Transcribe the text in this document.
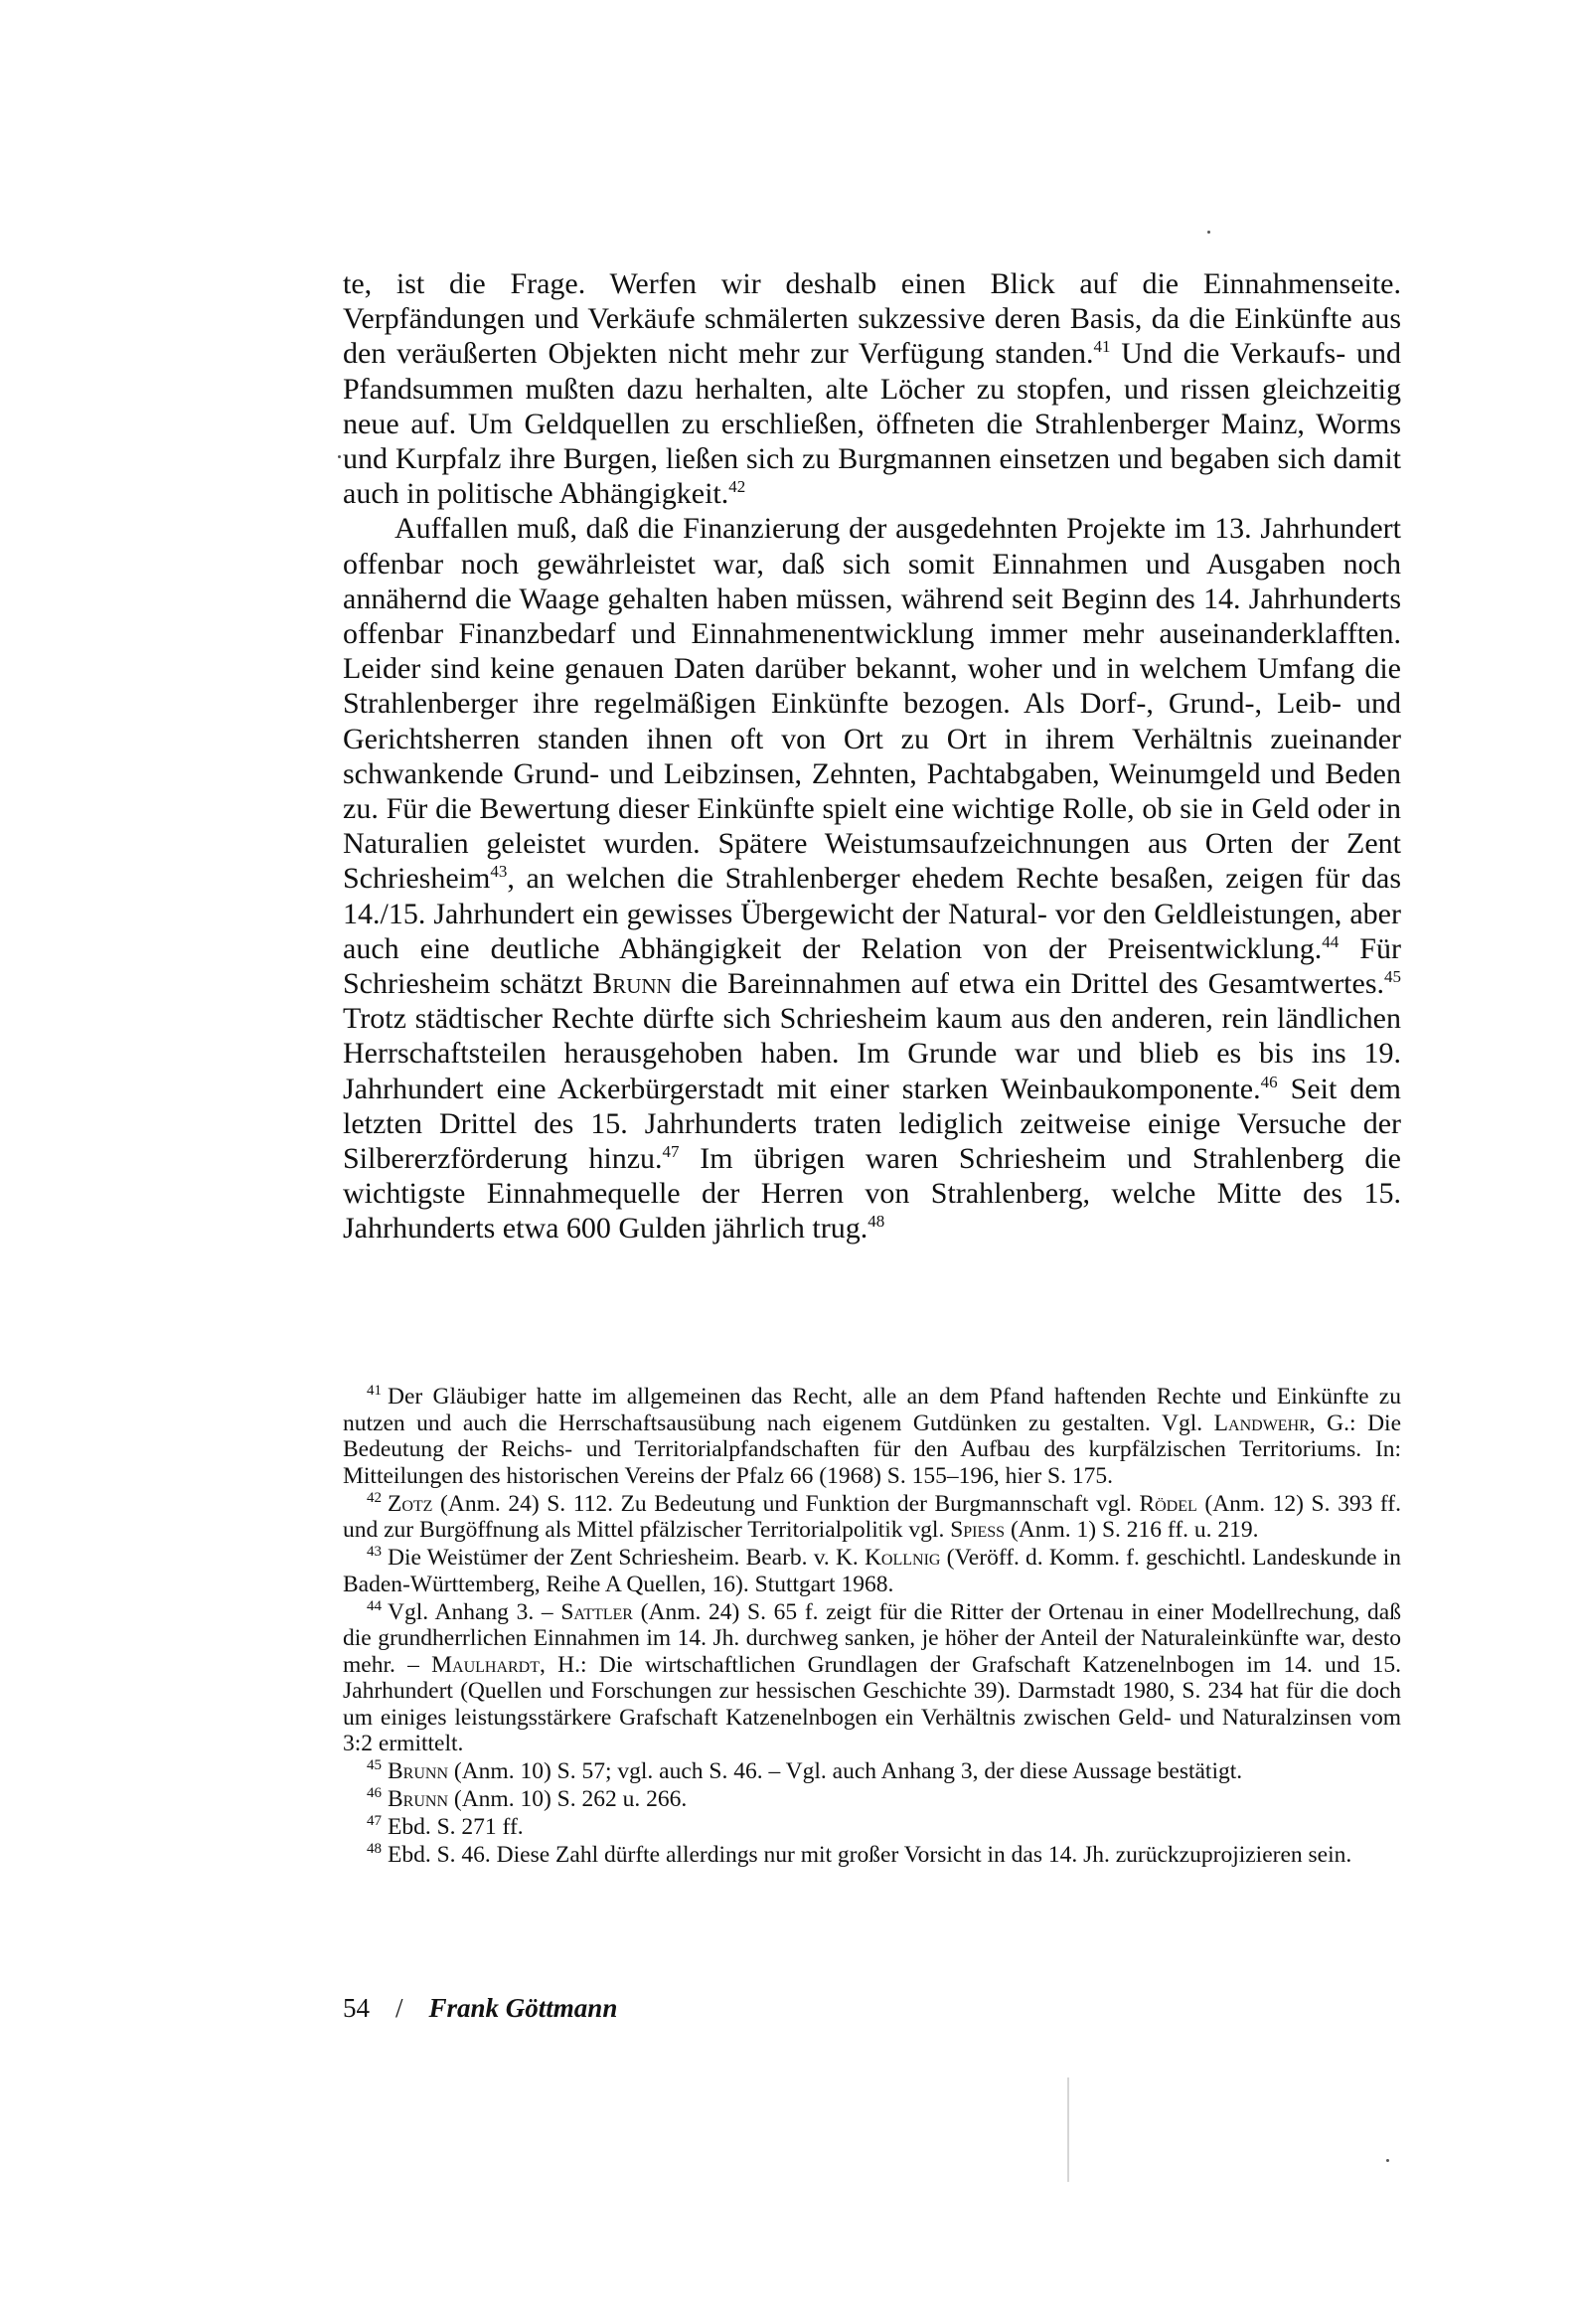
te, ist die Frage. Werfen wir deshalb einen Blick auf die Einnahmenseite. Verpfändungen und Verkäufe schmälerten sukzessive deren Basis, da die Einkünfte aus den veräußerten Objekten nicht mehr zur Verfügung standen.$^{41}$ Und die Verkaufs- und Pfandsummen mußten dazu herhalten, alte Löcher zu stopfen, und rissen gleichzeitig neue auf. Um Geldquellen zu erschließen, öffneten die Strahlenberger Mainz, Worms und Kurpfalz ihre Burgen, ließen sich zu Burgmannen einsetzen und begaben sich damit auch in politische Abhängigkeit.$^{42}$

Auffallen muß, daß die Finanzierung der ausgedehnten Projekte im 13. Jahrhundert offenbar noch gewährleistet war, daß sich somit Einnahmen und Ausgaben noch annähernd die Waage gehalten haben müssen, während seit Beginn des 14. Jahrhunderts offenbar Finanzbedarf und Einnahmenentwicklung immer mehr auseinanderklafften. Leider sind keine genauen Daten darüber bekannt, woher und in welchem Umfang die Strahlenberger ihre regelmäßigen Einkünfte bezogen. Als Dorf-, Grund-, Leib- und Gerichtsherren standen ihnen oft von Ort zu Ort in ihrem Verhältnis zueinander schwankende Grund- und Leibzinsen, Zehnten, Pachtabgaben, Weinumgeld und Beden zu. Für die Bewertung dieser Einkünfte spielt eine wichtige Rolle, ob sie in Geld oder in Naturalien geleistet wurden. Spätere Weistumsaufzeichnungen aus Orten der Zent Schriesheim$^{43}$, an welchen die Strahlenberger ehedem Rechte besaßen, zeigen für das 14./15. Jahrhundert ein gewisses Übergewicht der Natural- vor den Geldleistungen, aber auch eine deutliche Abhängigkeit der Relation von der Preisentwicklung.$^{44}$ Für Schriesheim schätzt Brunn die Bareinnahmen auf etwa ein Drittel des Gesamtwertes.$^{45}$ Trotz städtischer Rechte dürfte sich Schriesheim kaum aus den anderen, rein ländlichen Herrschaftsteilen herausgehoben haben. Im Grunde war und blieb es bis ins 19. Jahrhundert eine Ackerbürgerstadt mit einer starken Weinbaukomponente.$^{46}$ Seit dem letzten Drittel des 15. Jahrhunderts traten lediglich zeitweise einige Versuche der Silbererzförderung hinzu.$^{47}$ Im übrigen waren Schriesheim und Strahlenberg die wichtigste Einnahmequelle der Herren von Strahlenberg, welche Mitte des 15. Jahrhunderts etwa 600 Gulden jährlich trug.$^{48}$

$^{41}$ Der Gläubiger hatte im allgemeinen das Recht, alle an dem Pfand haftenden Rechte und Einkünfte zu nutzen und auch die Herrschaftsausübung nach eigenem Gutdünken zu gestalten. Vgl. Landwehr, G.: Die Bedeutung der Reichs- und Territorialpfandschaften für den Aufbau des kurpfälzischen Territoriums. In: Mitteilungen des historischen Vereins der Pfalz 66 (1968) S. 155–196, hier S. 175.

$^{42}$ Zotz (Anm. 24) S. 112. Zu Bedeutung und Funktion der Burgmannschaft vgl. Rödel (Anm. 12) S. 393 ff. und zur Burgöffnung als Mittel pfälzischer Territorialpolitik vgl. Spiess (Anm. 1) S. 216 ff. u. 219.

$^{43}$ Die Weistümer der Zent Schriesheim. Bearb. v. K. Kollnig (Veröff. d. Komm. f. geschichtl. Landeskunde in Baden-Württemberg, Reihe A Quellen, 16). Stuttgart 1968.

$^{44}$ Vgl. Anhang 3. – Sattler (Anm. 24) S. 65 f. zeigt für die Ritter der Ortenau in einer Modellrechung, daß die grundherrlichen Einnahmen im 14. Jh. durchweg sanken, je höher der Anteil der Naturaleinkünfte war, desto mehr. – Maulhardt, H.: Die wirtschaftlichen Grundlagen der Grafschaft Katzenelnbogen im 14. und 15. Jahrhundert (Quellen und Forschungen zur hessischen Geschichte 39). Darmstadt 1980, S. 234 hat für die doch um einiges leistungsstärkere Grafschaft Katzenelnbogen ein Verhältnis zwischen Geld- und Naturalzinsen vom 3:2 ermittelt.

$^{45}$ Brunn (Anm. 10) S. 57; vgl. auch S. 46. – Vgl. auch Anhang 3, der diese Aussage bestätigt.

$^{46}$ Brunn (Anm. 10) S. 262 u. 266.

$^{47}$ Ebd. S. 271 ff.

$^{48}$ Ebd. S. 46. Diese Zahl dürfte allerdings nur mit großer Vorsicht in das 14. Jh. zurückzuprojizieren sein.

54 / Frank Göttmann
